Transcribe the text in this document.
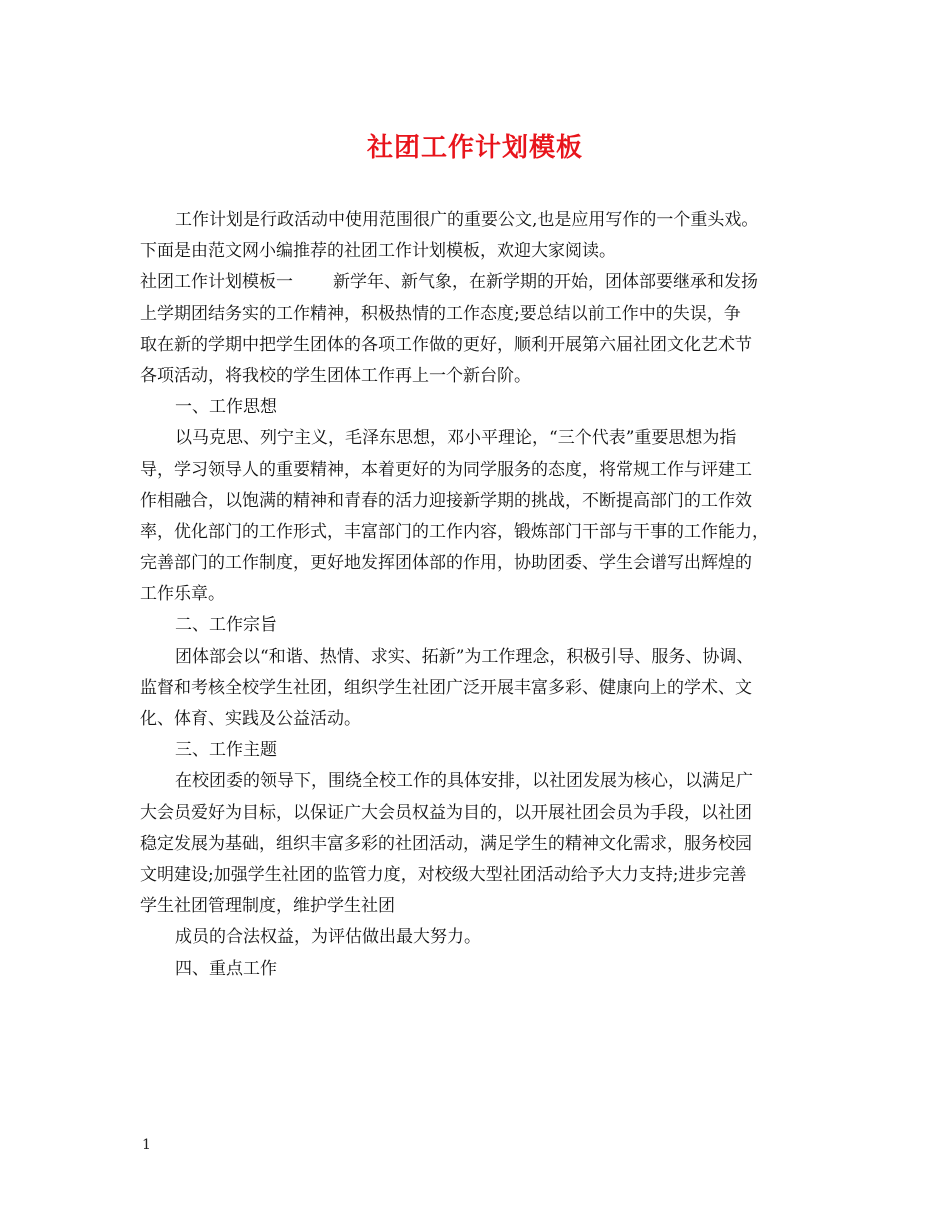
社团工作计划模板
工作计划是行政活动中使用范围很广的重要公文,也是应用写作的一个重头戏。
下面是由范文网小编推荐的社团工作计划模板，欢迎大家阅读。
社团工作计划模板一 新学年、新气象，在新学期的开始，团体部要继承和发扬
上学期团结务实的工作精神，积极热情的工作态度;要总结以前工作中的失误，争
取在新的学期中把学生团体的各项工作做的更好，顺利开展第六届社团文化艺术节
各项活动，将我校的学生团体工作再上一个新台阶。
一、工作思想
以马克思、列宁主义，毛泽东思想，邓小平理论，“三个代表”重要思想为指
导，学习领导人的重要精神，本着更好的为同学服务的态度，将常规工作与评建工
作相融合，以饱满的精神和青春的活力迎接新学期的挑战，不断提高部门的工作效
率，优化部门的工作形式，丰富部门的工作内容，锻炼部门干部与干事的工作能力，
完善部门的工作制度，更好地发挥团体部的作用，协助团委、学生会谱写出辉煌的
工作乐章。
二、工作宗旨
团体部会以“和谐、热情、求实、拓新”为工作理念，积极引导、服务、协调、
监督和考核全校学生社团，组织学生社团广泛开展丰富多彩、健康向上的学术、文
化、体育、实践及公益活动。
三、工作主题
在校团委的领导下，围绕全校工作的具体安排，以社团发展为核心，以满足广
大会员爱好为目标，以保证广大会员权益为目的，以开展社团会员为手段，以社团
稳定发展为基础，组织丰富多彩的社团活动，满足学生的精神文化需求，服务校园
文明建设;加强学生社团的监管力度，对校级大型社团活动给予大力支持;进步完善
学生社团管理制度，维护学生社团
成员的合法权益，为评估做出最大努力。
四、重点工作
1
